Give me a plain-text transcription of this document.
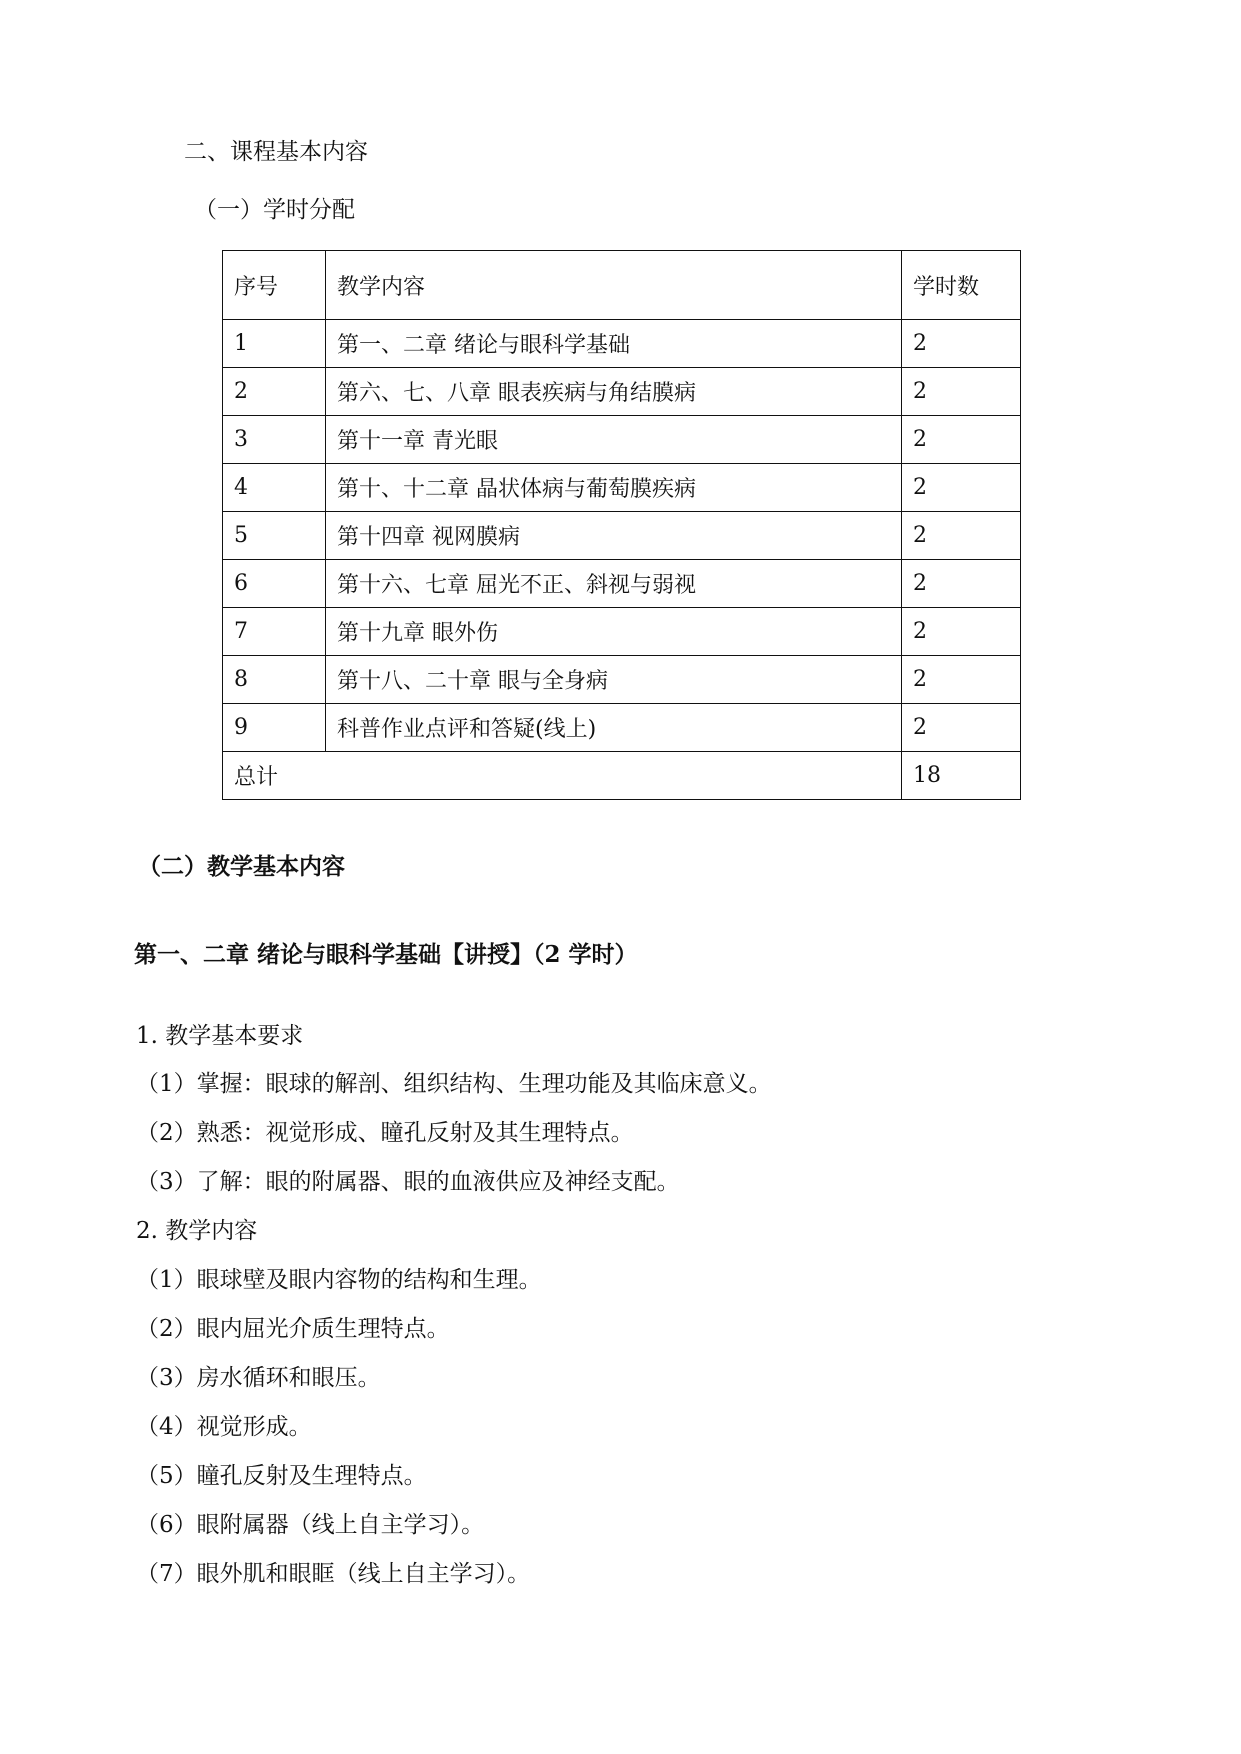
二、课程基本内容
（一）学时分配
序号	教学内容	学时数
1	第一、二章 绪论与眼科学基础	2
2	第六、七、八章 眼表疾病与角结膜病	2
3	第十一章 青光眼	2
4	第十、十二章 晶状体病与葡萄膜疾病	2
5	第十四章 视网膜病	2
6	第十六、七章 屈光不正、斜视与弱视	2
7	第十九章 眼外伤	2
8	第十八、二十章 眼与全身病	2
9	科普作业点评和答疑(线上)	2
总计		18
（二）教学基本内容
第一、二章 绪论与眼科学基础【讲授】（2 学时）
1. 教学基本要求
（1）掌握：眼球的解剖、组织结构、生理功能及其临床意义。
（2）熟悉：视觉形成、瞳孔反射及其生理特点。
（3）了解：眼的附属器、眼的血液供应及神经支配。
2. 教学内容
（1）眼球壁及眼内容物的结构和生理。
（2）眼内屈光介质生理特点。
（3）房水循环和眼压。
（4）视觉形成。
（5）瞳孔反射及生理特点。
（6）眼附属器（线上自主学习）。
（7）眼外肌和眼眶（线上自主学习）。
